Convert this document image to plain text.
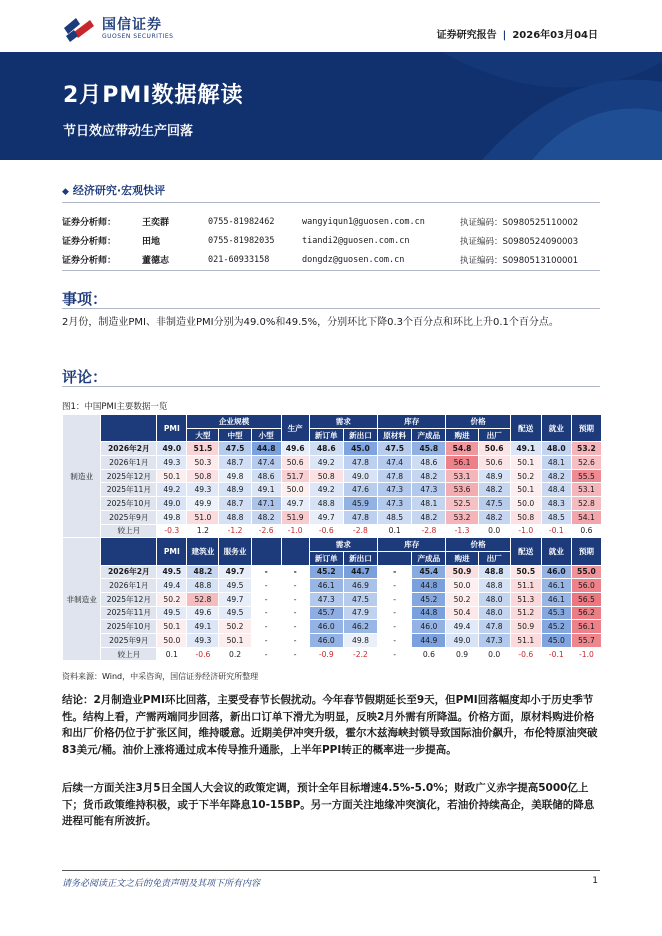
国信证券
GUOSEN SECURITIES	证券研究报告 | 2026年03月04日
2月PMI数据解读
节日效应带动生产回落
◆ 经济研究·宏观快评
证券分析师：	王奕群	0755-81982462	wangyiqun1@guosen.com.cn	执证编码：S0980525110002
证券分析师：	田地	0755-81982035	tiandi2@guosen.com.cn	执证编码：S0980524090003
证券分析师：	董德志	021-60933158	dongdz@guosen.com.cn	执证编码：S0980513100001
事项：
2月份，制造业PMI、非制造业PMI分别为49.0%和49.5%，分别环比下降0.3个百分点和环比上升0.1个百分点。
评论：
图1：中国PMI主要数据一览
制造业		PMI	企业规模			生产	需求		库存		价格		配送	就业	预期
			大型	中型	小型		新订单	新出口	原材料	产成品	购进	出厂			
	2026年2月	49.0	51.5	47.5	44.8	49.6	48.6	45.0	47.5	45.8	54.8	50.6	49.1	48.0	53.2
	2026年1月	49.3	50.3	48.7	47.4	50.6	49.2	47.8	47.4	48.6	56.1	50.6	50.1	48.1	52.6
	2025年12月	50.1	50.8	49.8	48.6	51.7	50.8	49.0	47.8	48.2	53.1	48.9	50.2	48.2	55.5
	2025年11月	49.2	49.3	48.9	49.1	50.0	49.2	47.6	47.3	47.3	53.6	48.2	50.1	48.4	53.1
	2025年10月	49.0	49.9	48.7	47.1	49.7	48.8	45.9	47.3	48.1	52.5	47.5	50.0	48.3	52.8
	2025年9月	49.8	51.0	48.8	48.2	51.9	49.7	47.8	48.5	48.2	53.2	48.2	50.8	48.5	54.1
	较上月	-0.3	1.2	-1.2	-2.6	-1.0	-0.6	-2.8	0.1	-2.8	-1.3	0.0	-1.0	-0.1	0.6
非制造业		PMI	建筑业	服务业			需求		库存		价格		配送	就业	预期
							新订单	新出口		产成品	购进	出厂			
	2026年2月	49.5	48.2	49.7	-	-	45.2	44.7	-	45.4	50.9	48.8	50.5	46.0	55.0
	2026年1月	49.4	48.8	49.5	-	-	46.1	46.9	-	44.8	50.0	48.8	51.1	46.1	56.0
	2025年12月	50.2	52.8	49.7	-	-	47.3	47.5	-	45.2	50.2	48.0	51.3	46.1	56.5
	2025年11月	49.5	49.6	49.5	-	-	45.7	47.9	-	44.8	50.4	48.0	51.2	45.3	56.2
	2025年10月	50.1	49.1	50.2	-	-	46.0	46.2	-	46.0	49.4	47.8	50.9	45.2	56.1
	2025年9月	50.0	49.3	50.1	-	-	46.0	49.8	-	44.9	49.0	47.3	51.1	45.0	55.7
	较上月	0.1	-0.6	0.2	-	-	-0.9	-2.2	-	0.6	0.9	0.0	-0.6	-0.1	-1.0
资料来源：Wind，中采咨询，国信证券经济研究所整理
结论：2月制造业PMI环比回落，主要受春节长假扰动。今年春节假期延长至9天，但PMI回落幅度却小于历史季节性。结构上看，产需两端同步回落，新出口订单下滑尤为明显，反映2月外需有所降温。价格方面，原材料购进价格和出厂价格仍位于扩张区间，维持暖意。近期美伊冲突升级，霍尔木兹海峡封锁导致国际油价飙升，布伦特原油突破83美元/桶。油价上涨将通过成本传导推升通胀，上半年PPI转正的概率进一步提高。
后续一方面关注3月5日全国人大会议的政策定调，预计全年目标增速4.5%-5.0%；财政广义赤字提高5000亿上下；货币政策维持积极，或于下半年降息10-15BP。另一方面关注地缘冲突演化，若油价持续高企，美联储的降息进程可能有所波折。
请务必阅读正文之后的免责声明及其项下所有内容	1
